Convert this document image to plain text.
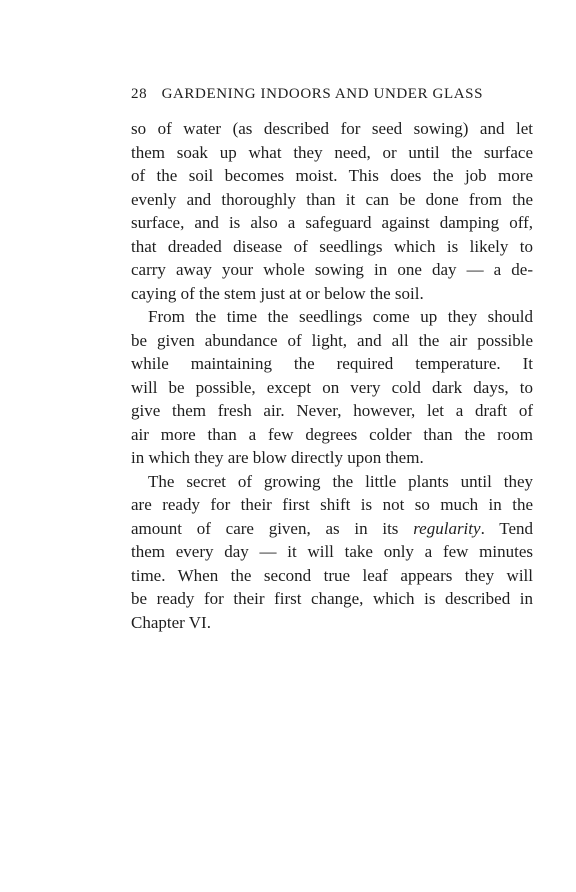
28 GARDENING INDOORS AND UNDER GLASS
so of water (as described for seed sowing) and let
them soak up what they need, or until the surface
of the soil becomes moist. This does the job more
evenly and thoroughly than it can be done from the
surface, and is also a safeguard against damping off,
that dreaded disease of seedlings which is likely to
carry away your whole sowing in one day — a de-
caying of the stem just at or below the soil.
From the time the seedlings come up they should
be given abundance of light, and all the air possible
while maintaining the required temperature. It
will be possible, except on very cold dark days, to
give them fresh air. Never, however, let a draft of
air more than a few degrees colder than the room
in which they are blow directly upon them.
The secret of growing the little plants until they
are ready for their first shift is not so much in the
amount of care given, as in its regularity. Tend
them every day — it will take only a few minutes
time. When the second true leaf appears they will
be ready for their first change, which is described in
Chapter VI.
